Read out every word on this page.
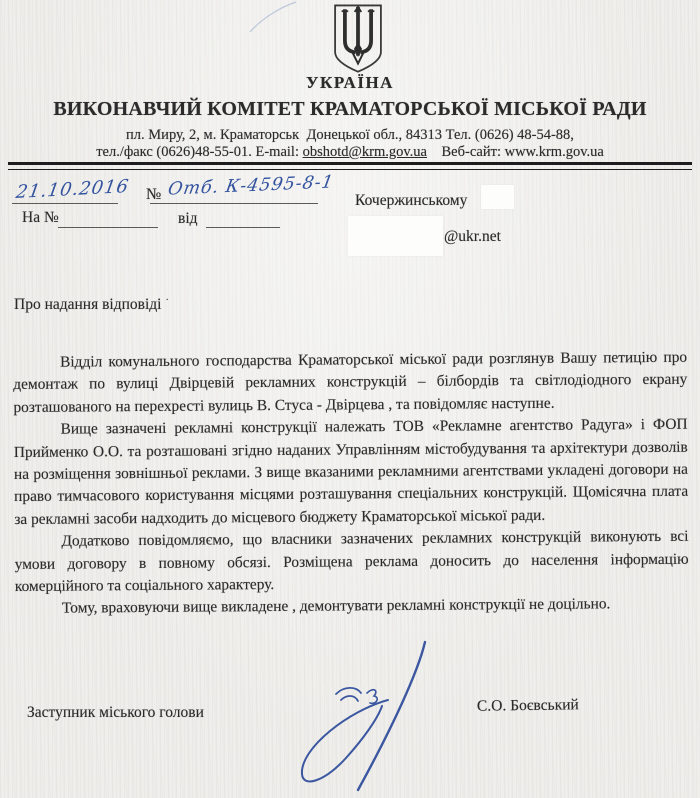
УКРАЇНА
ВИКОНАВЧИЙ КОМІТЕТ КРАМАТОРСЬКОЇ МІСЬКОЇ РАДИ
пл. Миру, 2, м. Краматорськ  Донецької обл., 84313 Тел. (0626) 48-54-88,
тел./факс (0626)48-55-01. E-mail: obshotd@krm.gov.ua    Веб-сайт: www.krm.gov.ua
21.10.2016 № Отб. К-4595-8-1
На №	від
Кочержинському
@ukr.net
Про надання відповіді ·

Відділ комунального господарства Краматорської міської ради розглянув Вашу петицію про демонтаж по вулиці Двірцевій рекламних конструкцій – білбордів та світлодіодного екрану розташованого на перехресті вулиць В. Стуса - Двірцева , та повідомляє наступне.

Вище зазначені рекламні конструкції належать ТОВ «Рекламне агентство Радуга» і ФОП Прийменко О.О. та розташовані згідно наданих Управлінням містобудування та архітектури дозволів на розміщення зовнішньої реклами. З вище вказаними рекламними агентствами укладені договори на право тимчасового користування місцями розташування спеціальних конструкцій. Щомісячна плата за рекламні засоби надходить до місцевого бюджету Краматорської міської ради.

Додатково повідомляємо, що власники зазначених рекламних конструкцій виконують всі умови договору в повному обсязі. Розміщена реклама доносить до населення інформацію комерційного та соціального характеру.

Тому, враховуючи вище викладене , демонтувати рекламні конструкції не доцільно.

Заступник міського голови	С.О. Боєвський
